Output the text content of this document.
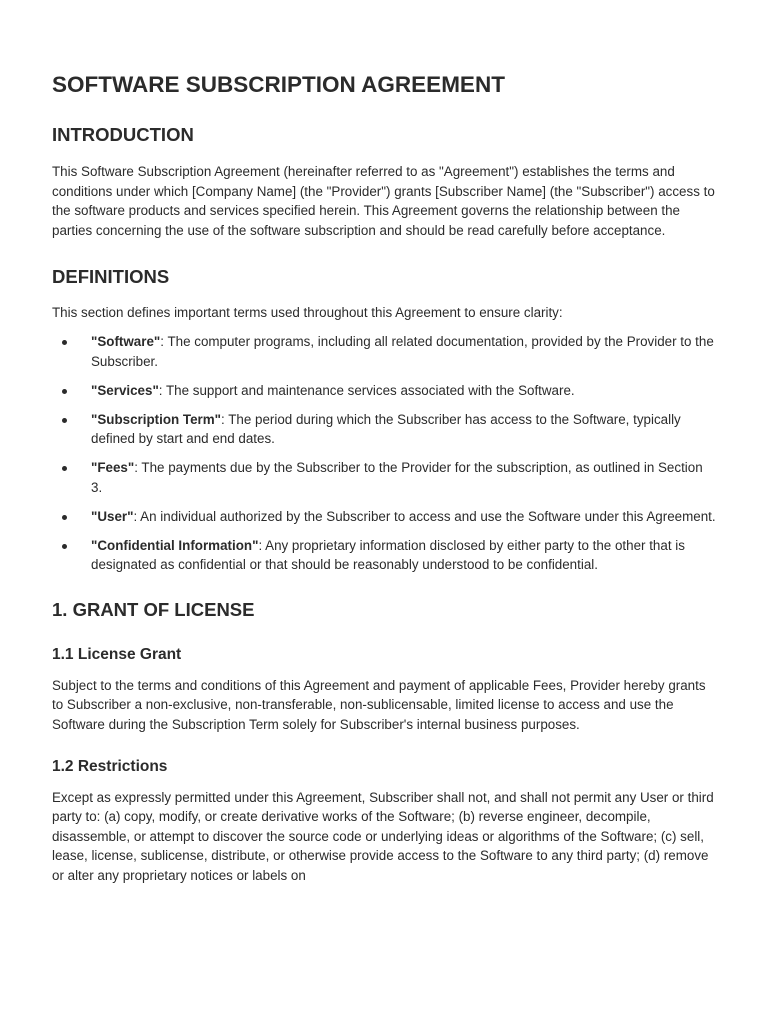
SOFTWARE SUBSCRIPTION AGREEMENT
INTRODUCTION

This Software Subscription Agreement (hereinafter referred to as "Agreement") establishes the terms and conditions under which [Company Name] (the "Provider") grants [Subscriber Name] (the "Subscriber") access to the software products and services specified herein. This Agreement governs the relationship between the parties concerning the use of the software subscription and should be read carefully before acceptance.

DEFINITIONS

This section defines important terms used throughout this Agreement to ensure clarity:

"Software": The computer programs, including all related documentation, provided by the Provider to the Subscriber.
"Services": The support and maintenance services associated with the Software.
"Subscription Term": The period during which the Subscriber has access to the Software, typically defined by start and end dates.
"Fees": The payments due by the Subscriber to the Provider for the subscription, as outlined in Section 3.
"User": An individual authorized by the Subscriber to access and use the Software under this Agreement.
"Confidential Information": Any proprietary information disclosed by either party to the other that is designated as confidential or that should be reasonably understood to be confidential.
1. GRANT OF LICENSE
1.1 License Grant

Subject to the terms and conditions of this Agreement and payment of applicable Fees, Provider hereby grants to Subscriber a non-exclusive, non-transferable, non-sublicensable, limited license to access and use the Software during the Subscription Term solely for Subscriber's internal business purposes.

1.2 Restrictions

Except as expressly permitted under this Agreement, Subscriber shall not, and shall not permit any User or third party to: (a) copy, modify, or create derivative works of the Software; (b) reverse engineer, decompile, disassemble, or attempt to discover the source code or underlying ideas or algorithms of the Software; (c) sell, lease, license, sublicense, distribute, or otherwise provide access to the Software to any third party; (d) remove or alter any proprietary notices or labels on
